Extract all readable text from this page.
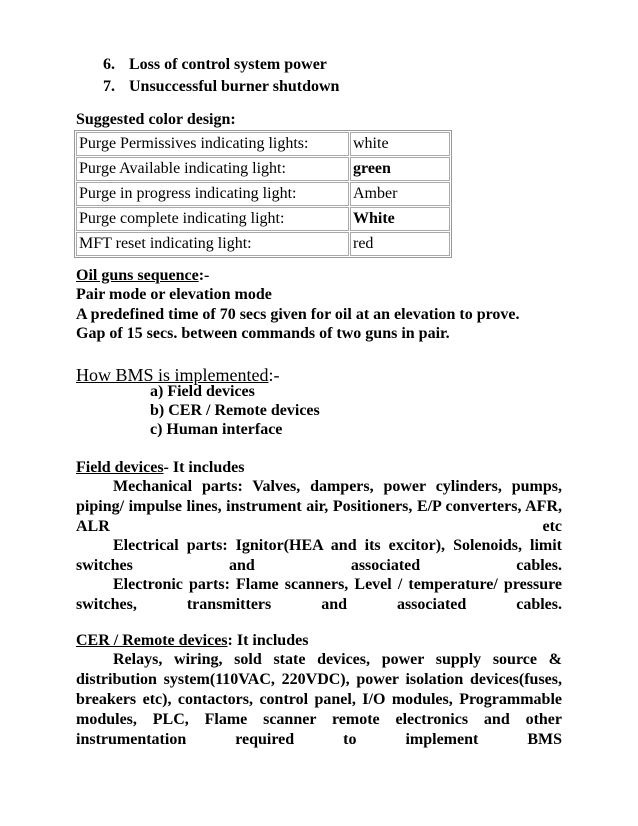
6. Loss of control system power
7. Unsuccessful burner shutdown
Suggested color design:
Purge Permissives indicating lights:	white
Purge Available indicating light:	green
Purge in progress indicating light:	Amber
Purge complete indicating light:	White
MFT reset indicating light:	red
Oil guns sequence:-
Pair mode or elevation mode
A predefined time of 70 secs given for oil at an elevation to prove.
Gap of 15 secs. between commands of two guns in pair.
How BMS is implemented:-
a) Field devices
b) CER / Remote devices
c) Human interface
Field devices- It includes
Mechanical parts: Valves, dampers, power cylinders, pumps, piping/ impulse lines, instrument air, Positioners, E/P converters, AFR, ALR etc
Electrical parts: Ignitor(HEA and its excitor), Solenoids, limit switches and associated cables.
Electronic parts: Flame scanners, Level / temperature/ pressure switches, transmitters and associated cables.
CER / Remote devices: It includes
Relays, wiring, sold state devices, power supply source & distribution system(110VAC, 220VDC), power isolation devices(fuses, breakers etc), contactors, control panel, I/O modules, Programmable modules, PLC, Flame scanner remote electronics and other instrumentation required to implement BMS
